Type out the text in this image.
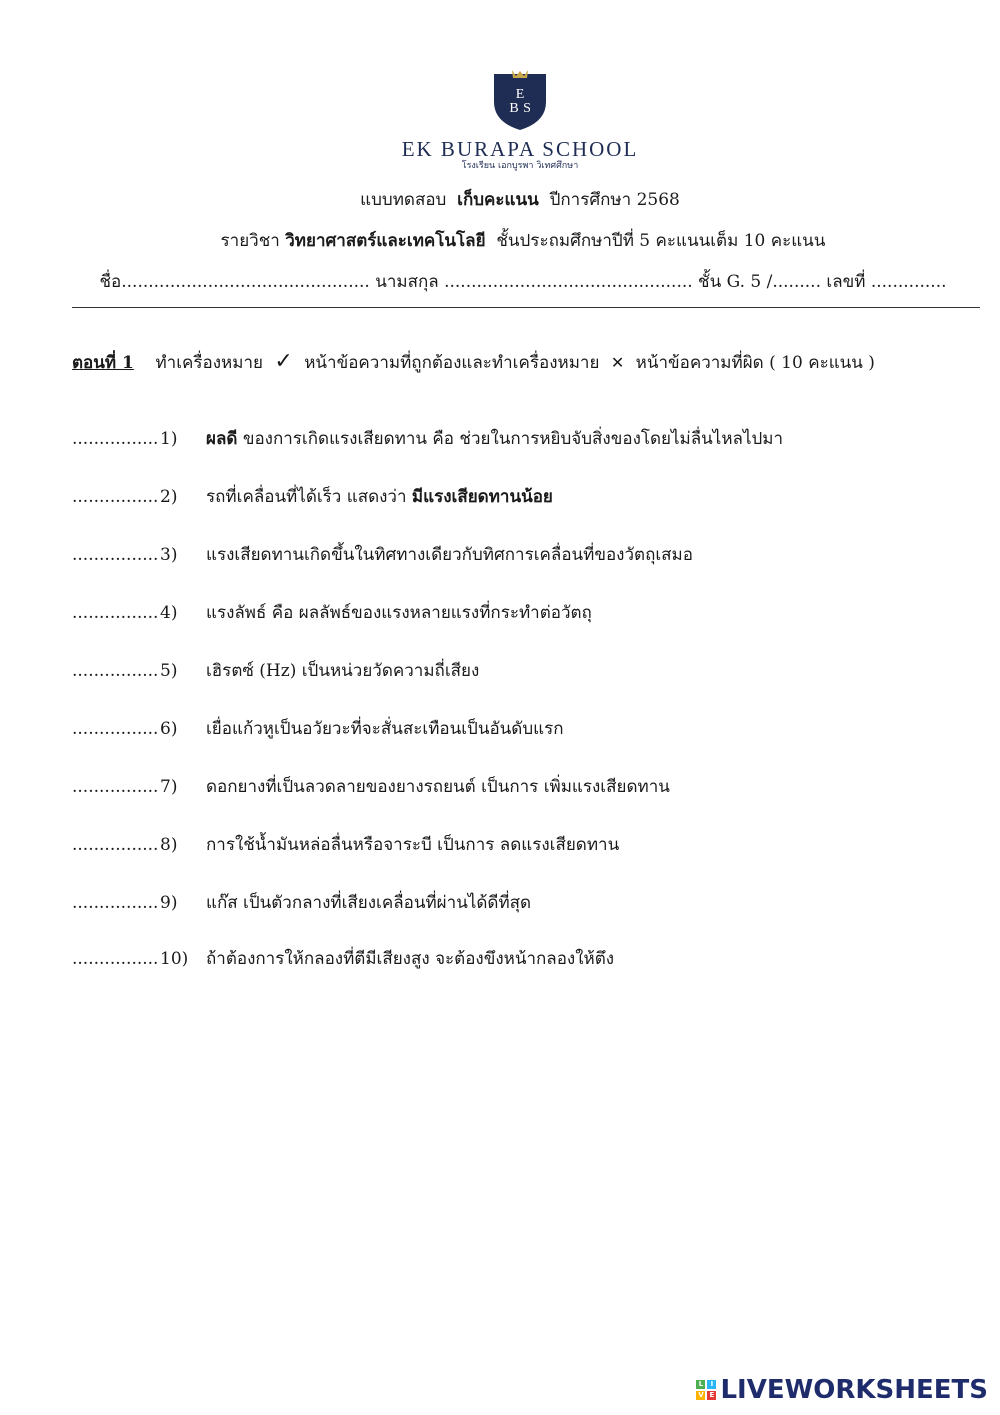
E
B S
EK BURAPA SCHOOL
โรงเรียน เอกบูรพา วิเทศศึกษา
แบบทดสอบ เก็บคะแนน ปีการศึกษา 2568
รายวิชา วิทยาศาสตร์และเทคโนโลยี ชั้นประถมศึกษาปีที่ 5 คะแนนเต็ม 10 คะแนน
ชื่อ.............................................. นามสกุล .............................................. ชั้น G. 5 /......... เลขที่ ..............
ตอนที่ 1 ทำเครื่องหมาย ✓ หน้าข้อความที่ถูกต้องและทำเครื่องหมาย ✕ หน้าข้อความที่ผิด ( 10 คะแนน )
................1) ผลดี ของการเกิดแรงเสียดทาน คือ ช่วยในการหยิบจับสิ่งของโดยไม่ลื่นไหลไปมา
................2) รถที่เคลื่อนที่ได้เร็ว แสดงว่า มีแรงเสียดทานน้อย
................3) แรงเสียดทานเกิดขึ้นในทิศทางเดียวกับทิศการเคลื่อนที่ของวัตถุเสมอ
................4) แรงลัพธ์ คือ ผลลัพธ์ของแรงหลายแรงที่กระทำต่อวัตถุ
................5) เฮิรตซ์ (Hz) เป็นหน่วยวัดความถี่เสียง
................6) เยื่อแก้วหูเป็นอวัยวะที่จะสั่นสะเทือนเป็นอันดับแรก
................7) ดอกยางที่เป็นลวดลายของยางรถยนต์ เป็นการ เพิ่มแรงเสียดทาน
................8) การใช้น้ำมันหล่อลื่นหรือจาระบี เป็นการ ลดแรงเสียดทาน
................9) แก๊ส เป็นตัวกลางที่เสียงเคลื่อนที่ผ่านได้ดีที่สุด
................10) ถ้าต้องการให้กลองที่ตีมีเสียงสูง จะต้องขึงหน้ากลองให้ตึง
L	I
V E LIVEWORKSHEETS
